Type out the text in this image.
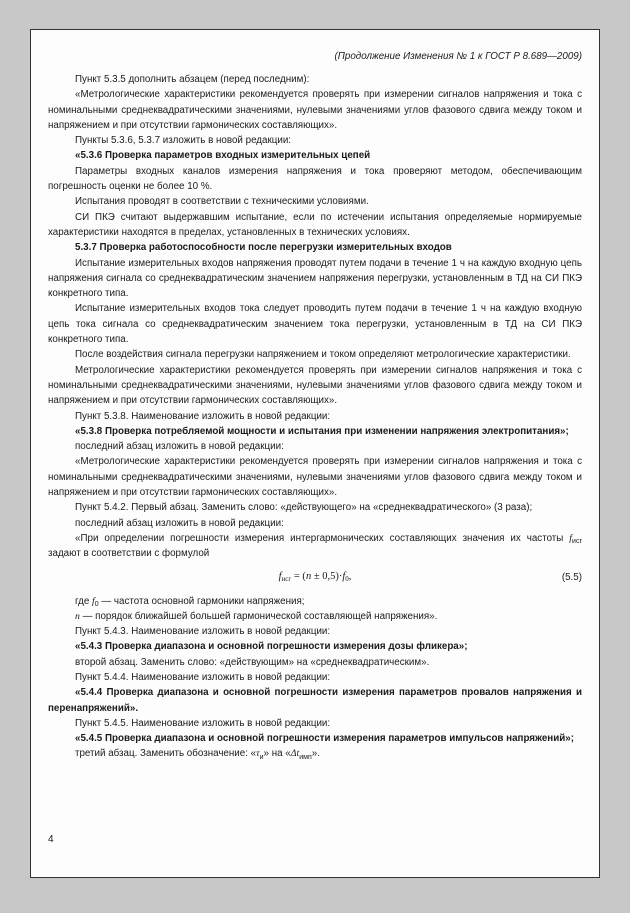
(Продолжение Изменения № 1 к ГОСТ Р 8.689—2009)

Пункт 5.3.5 дополнить абзацем (перед последним):

«Метрологические характеристики рекомендуется проверять при измерении сигналов напряжения и тока с номинальными среднеквадратическими значениями, нулевыми значениями углов фазового сдвига между током и напряжением и при отсутствии гармонических составляющих».

Пункты 5.3.6, 5.3.7 изложить в новой редакции:

«5.3.6 Проверка параметров входных измерительных цепей

Параметры входных каналов измерения напряжения и тока проверяют методом, обеспечивающим погрешность оценки не более 10 %.

Испытания проводят в соответствии с техническими условиями.

СИ ПКЭ считают выдержавшим испытание, если по истечении испытания определяемые нормируемые характеристики находятся в пределах, установленных в технических условиях.

5.3.7 Проверка работоспособности после перегрузки измерительных входов

Испытание измерительных входов напряжения проводят путем подачи в течение 1 ч на каждую входную цепь напряжения сигнала со среднеквадратическим значением напряжения перегрузки, установленным в ТД на СИ ПКЭ конкретного типа.

Испытание измерительных входов тока следует проводить путем подачи в течение 1 ч на каждую входную цепь тока сигнала со среднеквадратическим значением тока перегрузки, установленным в ТД на СИ ПКЭ конкретного типа.

После воздействия сигнала перегрузки напряжением и током определяют метрологические характеристики.

Метрологические характеристики рекомендуется проверять при измерении сигналов напряжения и тока с номинальными среднеквадратическими значениями, нулевыми значениями углов фазового сдвига между током и напряжением и при отсутствии гармонических составляющих».

Пункт 5.3.8. Наименование изложить в новой редакции:

«5.3.8 Проверка потребляемой мощности и испытания при изменении напряжения электропитания»;

последний абзац изложить в новой редакции:

«Метрологические характеристики рекомендуется проверять при измерении сигналов напряжения и тока с номинальными среднеквадратическими значениями, нулевыми значениями углов фазового сдвига между током и напряжением и при отсутствии гармонических составляющих».

Пункт 5.4.2. Первый абзац. Заменить слово: «действующего» на «среднеквадратического» (3 раза);

последний абзац изложить в новой редакции:

«При определении погрешности измерения интергармонических составляющих значения их частоты $f_{исг}$ задают в соответствии с формулой

$f_{исг} = (n \pm 0,5)\cdot f_0$,	(5.5)

где $f_0$ — частота основной гармоники напряжения;

n — порядок ближайшей большей гармонической составляющей напряжения».

Пункт 5.4.3. Наименование изложить в новой редакции:

«5.4.3 Проверка диапазона и основной погрешности измерения дозы фликера»;

второй абзац. Заменить слово: «действующим» на «среднеквадратическим».

Пункт 5.4.4. Наименование изложить в новой редакции:

«5.4.4 Проверка диапазона и основной погрешности измерения параметров провалов напряжения и перенапряжений».

Пункт 5.4.5. Наименование изложить в новой редакции:

«5.4.5 Проверка диапазона и основной погрешности измерения параметров импульсов напряжений»;

третий абзац. Заменить обозначение: «$\tau_и$» на «$\Delta t_{имп}$».

4
